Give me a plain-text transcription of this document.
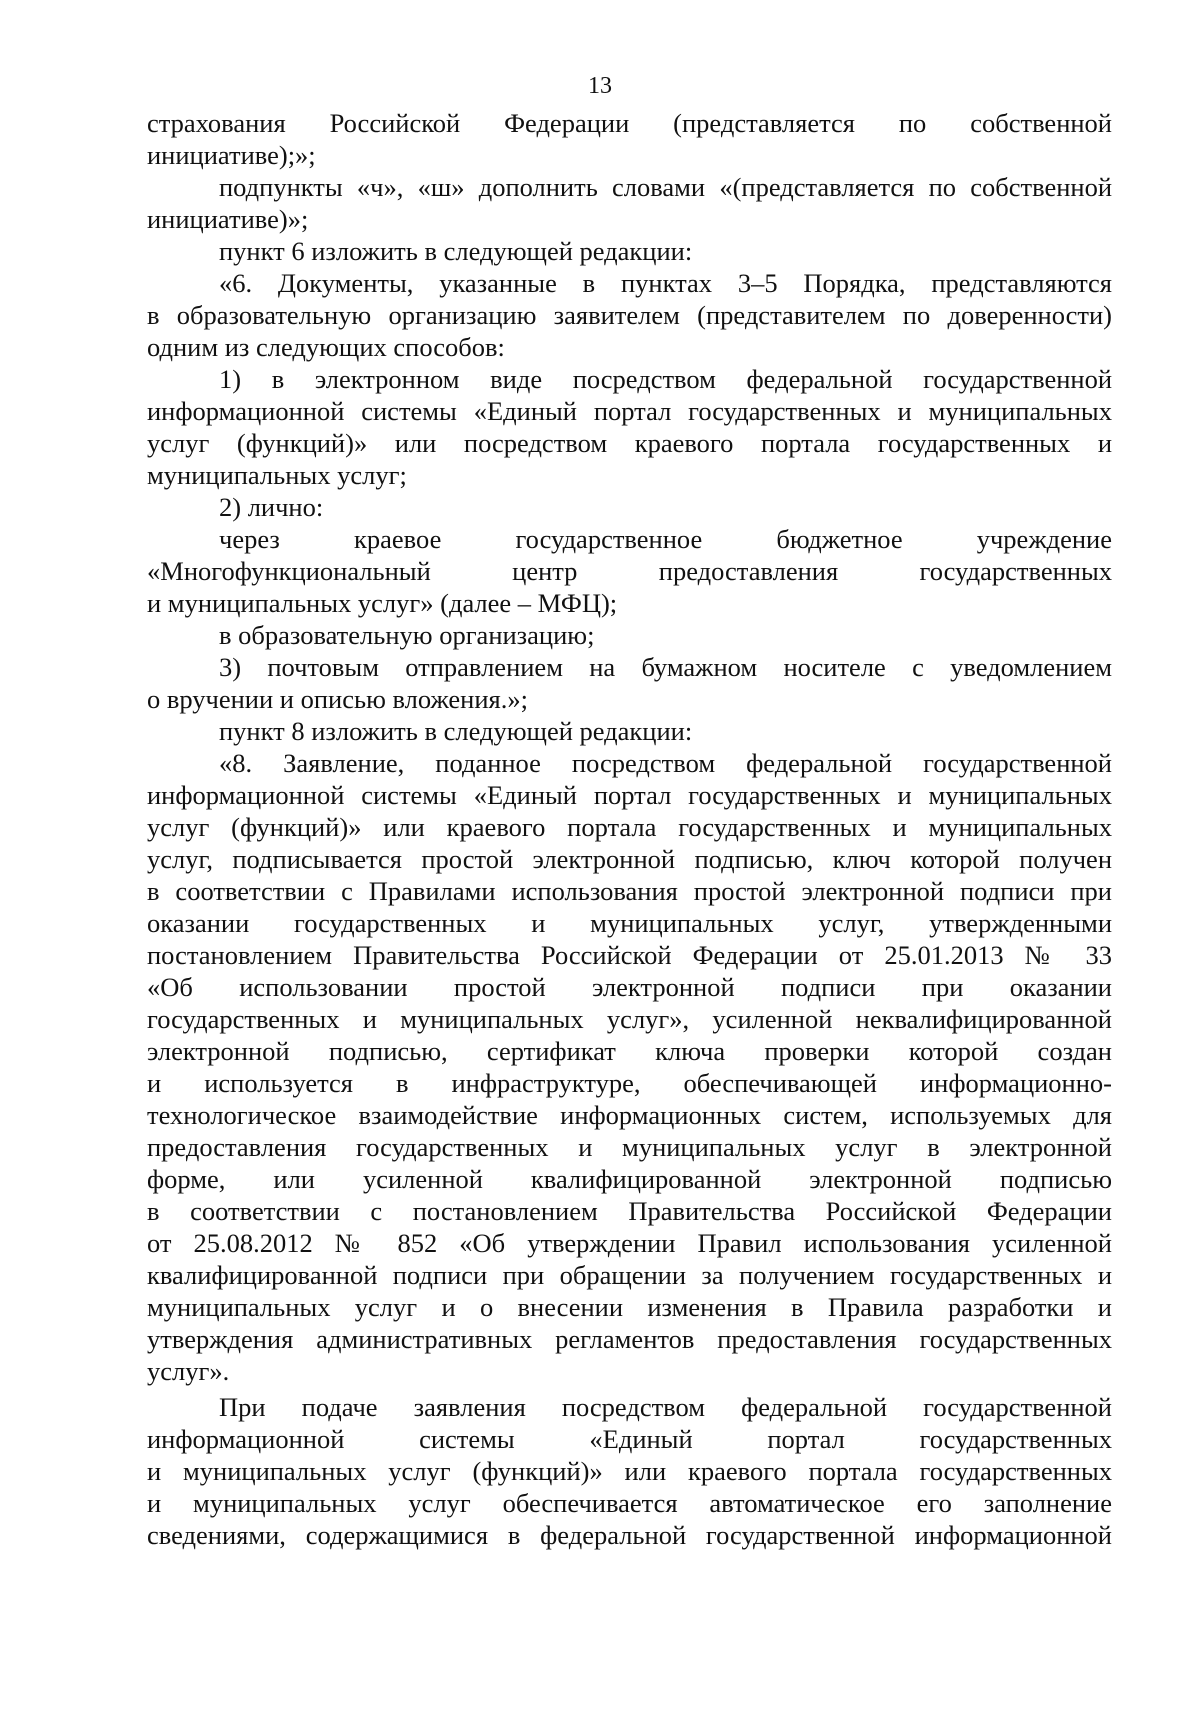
13
страхования Российской Федерации (представляется по собственной
инициативе);»;
подпункты «ч», «ш» дополнить словами «(представляется по собственной
инициативе)»;
пункт 6 изложить в следующей редакции:
«6. Документы, указанные в пунктах 3–5 Порядка, представляются
в образовательную организацию заявителем (представителем по доверенности)
одним из следующих способов:
1) в электронном виде посредством федеральной государственной
информационной системы «Единый портал государственных и муниципальных
услуг (функций)» или посредством краевого портала государственных и
муниципальных услуг;
2) лично:
через краевое государственное бюджетное учреждение
«Многофункциональный центр предоставления государственных
и муниципальных услуг» (далее – МФЦ);
в образовательную организацию;
3) почтовым отправлением на бумажном носителе с уведомлением
о вручении и описью вложения.»;
пункт 8 изложить в следующей редакции:
«8. Заявление, поданное посредством федеральной государственной
информационной системы «Единый портал государственных и муниципальных
услуг (функций)» или краевого портала государственных и муниципальных
услуг, подписывается простой электронной подписью, ключ которой получен
в соответствии с Правилами использования простой электронной подписи при
оказании государственных и муниципальных услуг, утвержденными
постановлением Правительства Российской Федерации от 25.01.2013 № 33
«Об использовании простой электронной подписи при оказании
государственных и муниципальных услуг», усиленной неквалифицированной
электронной подписью, сертификат ключа проверки которой создан
и используется в инфраструктуре, обеспечивающей информационно-
технологическое взаимодействие информационных систем, используемых для
предоставления государственных и муниципальных услуг в электронной
форме, или усиленной квалифицированной электронной подписью
в соответствии с постановлением Правительства Российской Федерации
от 25.08.2012 № 852 «Об утверждении Правил использования усиленной
квалифицированной подписи при обращении за получением государственных и
муниципальных услуг и о внесении изменения в Правила разработки и
утверждения административных регламентов предоставления государственных
услуг».
При подаче заявления посредством федеральной государственной
информационной системы «Единый портал государственных
и муниципальных услуг (функций)» или краевого портала государственных
и муниципальных услуг обеспечивается автоматическое его заполнение
сведениями, содержащимися в федеральной государственной информационной
